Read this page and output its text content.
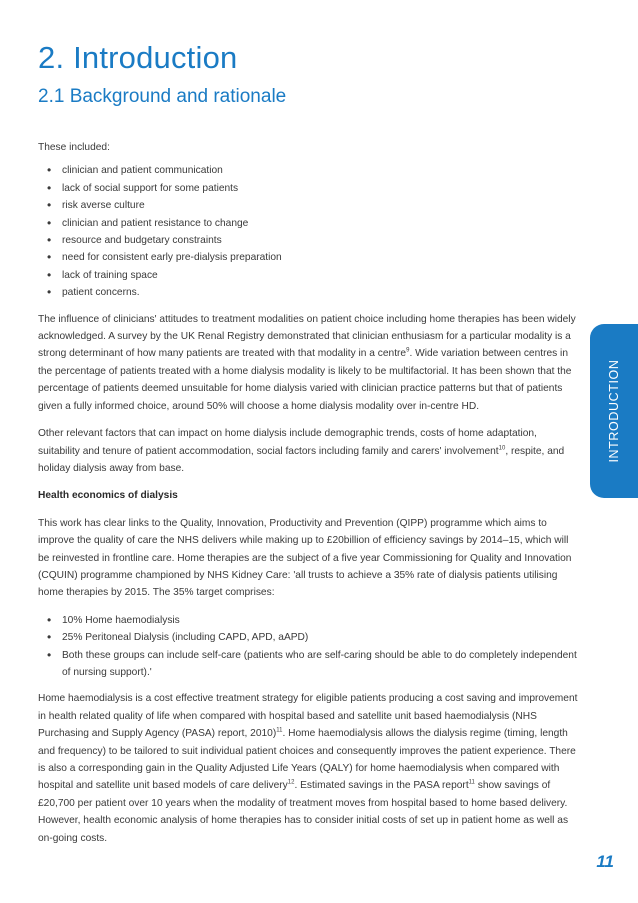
2. Introduction
2.1 Background and rationale

These included:

• clinician and patient communication
• lack of social support for some patients
• risk averse culture
• clinician and patient resistance to change
• resource and budgetary constraints
• need for consistent early pre-dialysis preparation
• lack of training space
• patient concerns.

The influence of clinicians' attitudes to treatment modalities on patient choice including home therapies has been widely acknowledged. A survey by the UK Renal Registry demonstrated that clinician enthusiasm for a particular modality is a strong determinant of how many patients are treated with that modality in a centre$^9$. Wide variation between centres in the percentage of patients treated with a home dialysis modality is likely to be multifactorial. It has been shown that the percentage of patients deemed unsuitable for home dialysis varied with clinician practice patterns but that of patients given a fully informed choice, around 50% will choose a home dialysis modality over in-centre HD.

Other relevant factors that can impact on home dialysis include demographic trends, costs of home adaptation, suitability and tenure of patient accommodation, social factors including family and carers' involvement$^{10}$, respite, and holiday dialysis away from base.

Health economics of dialysis

This work has clear links to the Quality, Innovation, Productivity and Prevention (QIPP) programme which aims to improve the quality of care the NHS delivers while making up to £20billion of efficiency savings by 2014–15, which will be reinvested in frontline care. Home therapies are the subject of a five year Commissioning for Quality and Innovation (CQUIN) programme championed by NHS Kidney Care: 'all trusts to achieve a 35% rate of dialysis patients utilising home therapies by 2015. The 35% target comprises:

• 10% Home haemodialysis
• 25% Peritoneal Dialysis (including CAPD, APD, aAPD)
• Both these groups can include self-care (patients who are self-caring should be able to do completely independent of nursing support).'

Home haemodialysis is a cost effective treatment strategy for eligible patients producing a cost saving and improvement in health related quality of life when compared with hospital based and satellite unit based haemodialysis (NHS Purchasing and Supply Agency (PASA) report, 2010)$^{11}$. Home haemodialysis allows the dialysis regime (timing, length and frequency) to be tailored to suit individual patient choices and consequently improves the patient experience. There is also a corresponding gain in the Quality Adjusted Life Years (QALY) for home haemodialysis when compared with hospital and satellite unit based models of care delivery$^{12}$. Estimated savings in the PASA report$^{11}$ show savings of £20,700 per patient over 10 years when the modality of treatment moves from hospital based to home based delivery. However, health economic analysis of home therapies has to consider initial costs of set up in patient home as well as on-going costs.

INTRODUCTION
11
